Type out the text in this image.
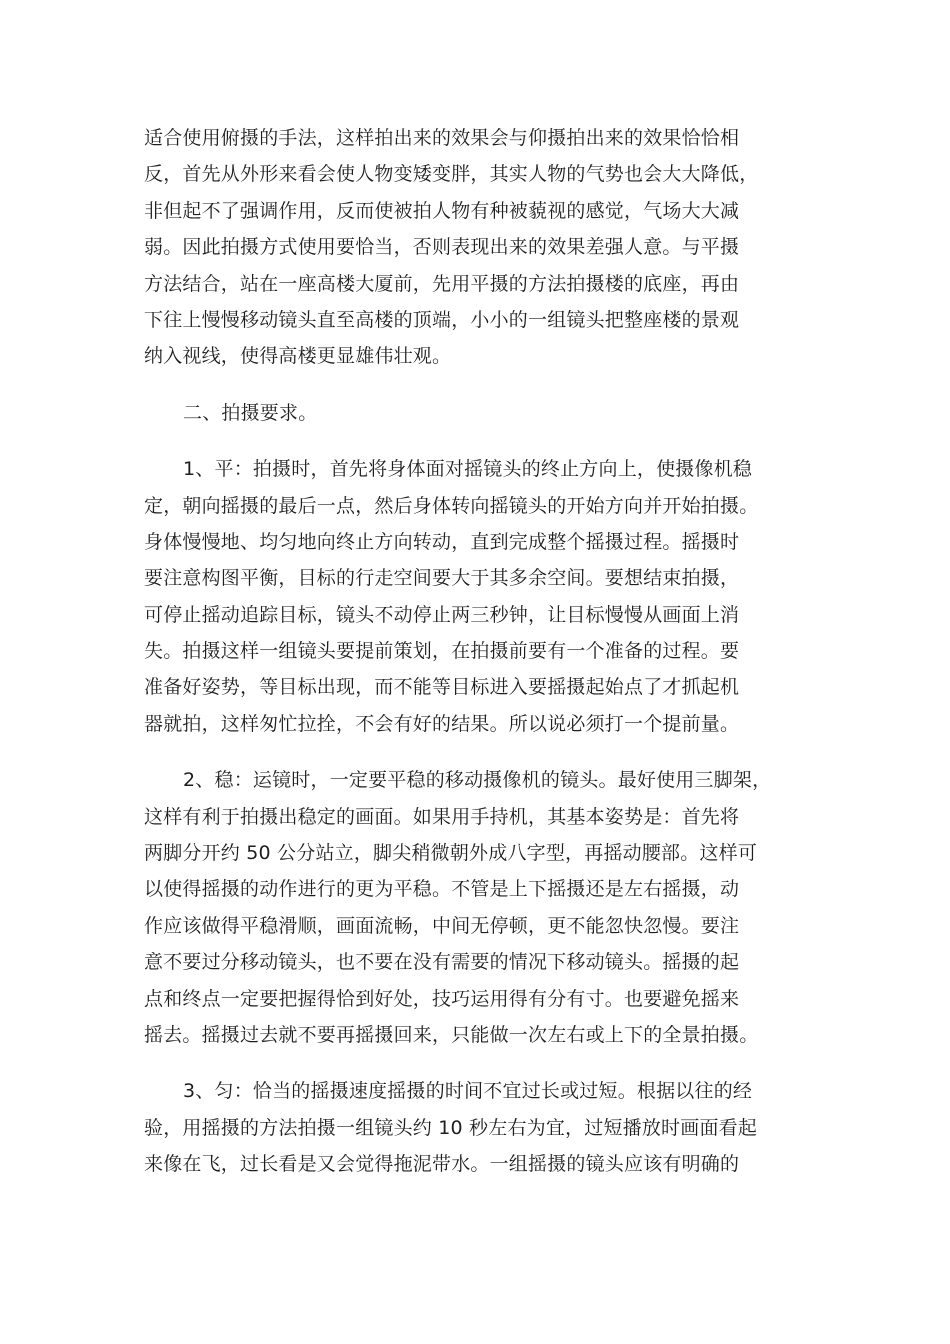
适合使用俯摄的手法，这样拍出来的效果会与仰摄拍出来的效果恰恰相
反，首先从外形来看会使人物变矮变胖，其实人物的气势也会大大降低，
非但起不了强调作用，反而使被拍人物有种被藐视的感觉，气场大大减
弱。因此拍摄方式使用要恰当，否则表现出来的效果差强人意。与平摄
方法结合，站在一座高楼大厦前，先用平摄的方法拍摄楼的底座，再由
下往上慢慢移动镜头直至高楼的顶端，小小的一组镜头把整座楼的景观
纳入视线，使得高楼更显雄伟壮观。
二、拍摄要求。
1、平：拍摄时，首先将身体面对摇镜头的终止方向上，使摄像机稳
定，朝向摇摄的最后一点，然后身体转向摇镜头的开始方向并开始拍摄。
身体慢慢地、均匀地向终止方向转动，直到完成整个摇摄过程。摇摄时
要注意构图平衡，目标的行走空间要大于其多余空间。要想结束拍摄，
可停止摇动追踪目标，镜头不动停止两三秒钟，让目标慢慢从画面上消
失。拍摄这样一组镜头要提前策划，在拍摄前要有一个准备的过程。要
准备好姿势，等目标出现，而不能等目标进入要摇摄起始点了才抓起机
器就拍，这样匆忙拉拴，不会有好的结果。所以说必须打一个提前量。
2、稳：运镜时，一定要平稳的移动摄像机的镜头。最好使用三脚架，
这样有利于拍摄出稳定的画面。如果用手持机，其基本姿势是：首先将
两脚分开约 50 公分站立，脚尖稍微朝外成八字型，再摇动腰部。这样可
以使得摇摄的动作进行的更为平稳。不管是上下摇摄还是左右摇摄，动
作应该做得平稳滑顺，画面流畅，中间无停顿，更不能忽快忽慢。要注
意不要过分移动镜头，也不要在没有需要的情况下移动镜头。摇摄的起
点和终点一定要把握得恰到好处，技巧运用得有分有寸。也要避免摇来
摇去。摇摄过去就不要再摇摄回来，只能做一次左右或上下的全景拍摄。
3、匀：恰当的摇摄速度摇摄的时间不宜过长或过短。根据以往的经
验，用摇摄的方法拍摄一组镜头约 10 秒左右为宜，过短播放时画面看起
来像在飞，过长看是又会觉得拖泥带水。一组摇摄的镜头应该有明确的
